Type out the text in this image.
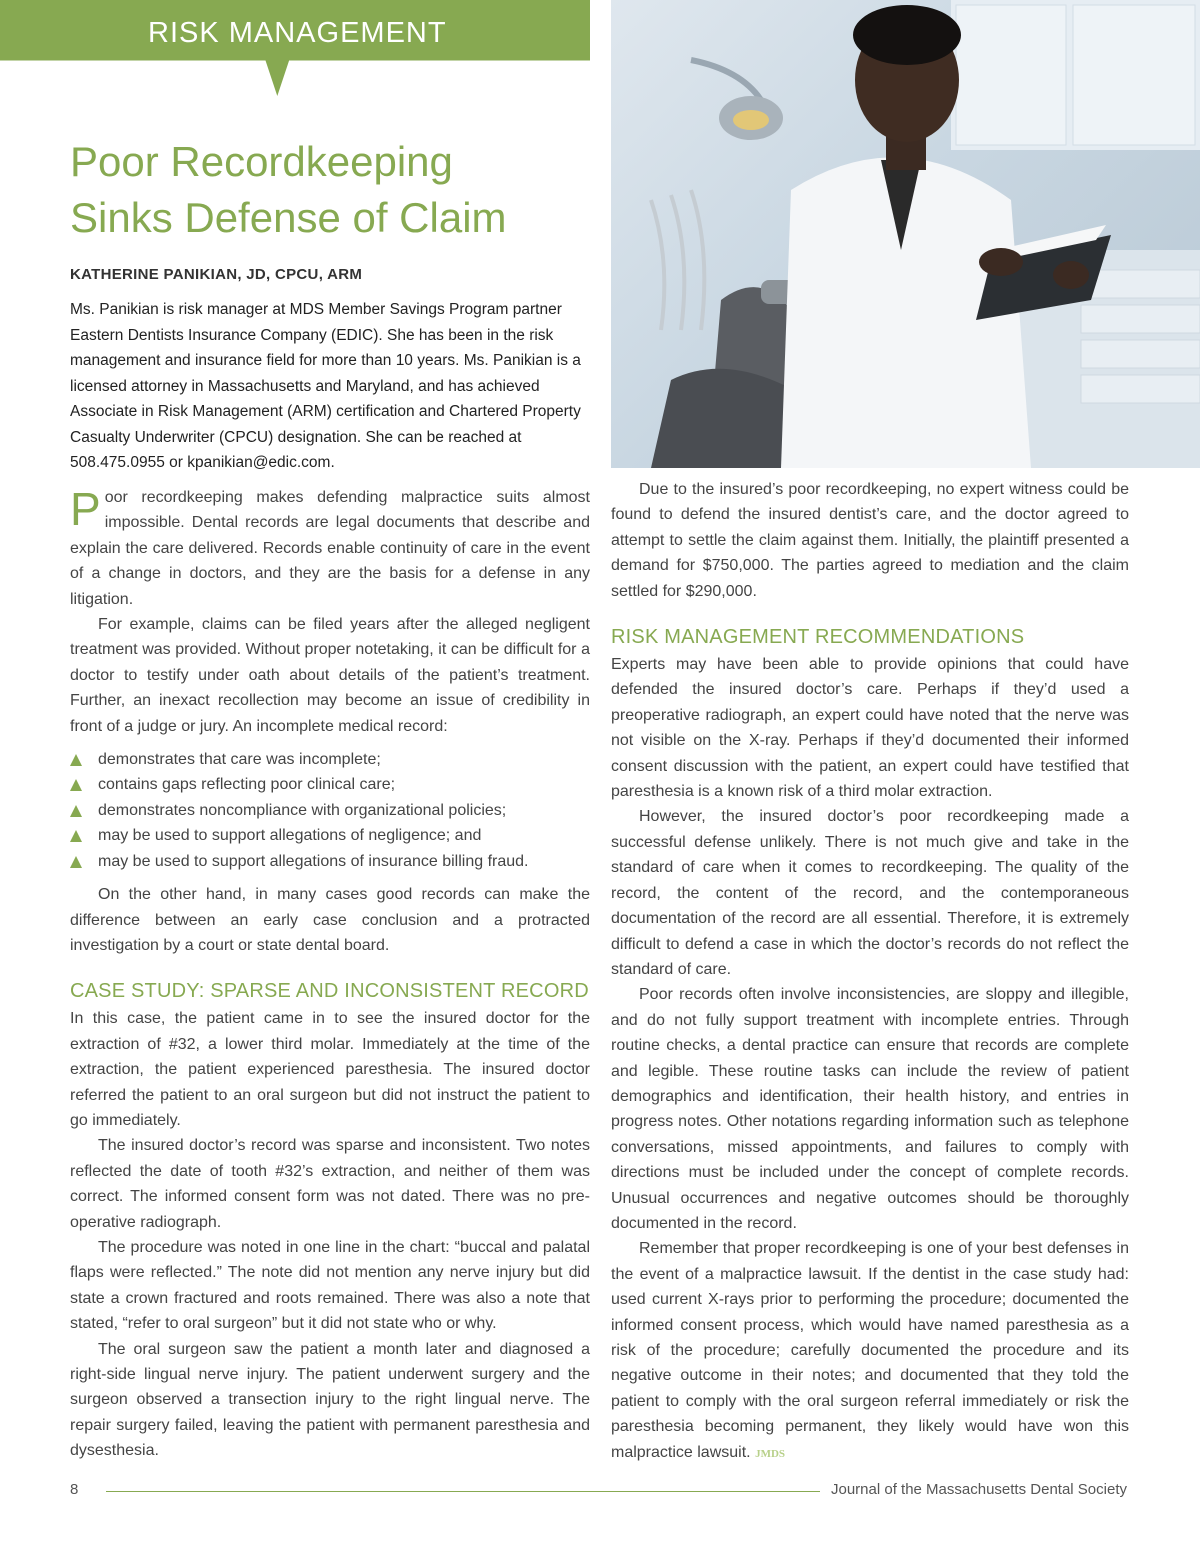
RISK MANAGEMENT
Poor Recordkeeping
Sinks Defense of Claim

KATHERINE PANIKIAN, JD, CPCU, ARM

Ms. Panikian is risk manager at MDS Member Savings Program partner Eastern Dentists Insurance Company (EDIC). She has been in the risk management and insurance field for more than 10 years. Ms. Panikian is a licensed attorney in Massachusetts and Maryland, and has achieved Associate in Risk Management (ARM) certification and Chartered Property Casualty Underwriter (CPCU) designation. She can be reached at 508.475.0955 or kpanikian@edic.com.

Poor recordkeeping makes defending malpractice suits almost impossible. Dental records are legal documents that describe and explain the care delivered. Records enable continuity of care in the event of a change in doctors, and they are the basis for a defense in any litigation.

For example, claims can be filed years after the alleged negligent treatment was provided. Without proper notetaking, it can be difficult for a doctor to testify under oath about details of the patient’s treatment. Further, an inexact recollection may become an issue of credibility in front of a judge or jury. An incomplete medical record:

demonstrates that care was incomplete;
contains gaps reflecting poor clinical care;
demonstrates noncompliance with organizational policies;
may be used to support allegations of negligence; and
may be used to support allegations of insurance billing fraud.

On the other hand, in many cases good records can make the difference between an early case conclusion and a protracted investigation by a court or state dental board.

CASE STUDY: SPARSE AND INCONSISTENT RECORD

In this case, the patient came in to see the insured doctor for the extraction of #32, a lower third molar. Immediately at the time of the extraction, the patient experienced paresthesia. The insured doctor referred the patient to an oral surgeon but did not instruct the patient to go immediately.

The insured doctor’s record was sparse and inconsistent. Two notes reflected the date of tooth #32’s extraction, and neither of them was correct. The informed consent form was not dated. There was no pre-operative radiograph.

The procedure was noted in one line in the chart: “buccal and palatal flaps were reflected.” The note did not mention any nerve injury but did state a crown fractured and roots remained. There was also a note that stated, “refer to oral surgeon” but it did not state who or why.

The oral surgeon saw the patient a month later and diagnosed a right-side lingual nerve injury. The patient underwent surgery and the surgeon observed a transection injury to the right lingual nerve. The repair surgery failed, leaving the patient with permanent paresthesia and dysesthesia.

Due to the insured’s poor recordkeeping, no expert witness could be found to defend the insured dentist’s care, and the doctor agreed to attempt to settle the claim against them. Initially, the plaintiff presented a demand for $750,000. The parties agreed to mediation and the claim settled for $290,000.

RISK MANAGEMENT RECOMMENDATIONS

Experts may have been able to provide opinions that could have defended the insured doctor’s care. Perhaps if they’d used a preoperative radiograph, an expert could have noted that the nerve was not visible on the X-ray. Perhaps if they’d documented their informed consent discussion with the patient, an expert could have testified that paresthesia is a known risk of a third molar extraction.

However, the insured doctor’s poor recordkeeping made a successful defense unlikely. There is not much give and take in the standard of care when it comes to recordkeeping. The quality of the record, the content of the record, and the contemporaneous documentation of the record are all essential. Therefore, it is extremely difficult to defend a case in which the doctor’s records do not reflect the standard of care.

Poor records often involve inconsistencies, are sloppy and illegible, and do not fully support treatment with incomplete entries. Through routine checks, a dental practice can ensure that records are complete and legible. These routine tasks can include the review of patient demographics and identification, their health history, and entries in progress notes. Other notations regarding information such as telephone conversations, missed appointments, and failures to comply with directions must be included under the concept of complete records. Unusual occurrences and negative outcomes should be thoroughly documented in the record.

Remember that proper recordkeeping is one of your best defenses in the event of a malpractice lawsuit. If the dentist in the case study had: used current X-rays prior to performing the procedure; documented the informed consent process, which would have named paresthesia as a risk of the procedure; carefully documented the procedure and its negative outcome in their notes; and documented that they told the patient to comply with the oral surgeon referral immediately or risk the paresthesia becoming permanent, they likely would have won this malpractice lawsuit. JMDS

8	Journal of the Massachusetts Dental Society
